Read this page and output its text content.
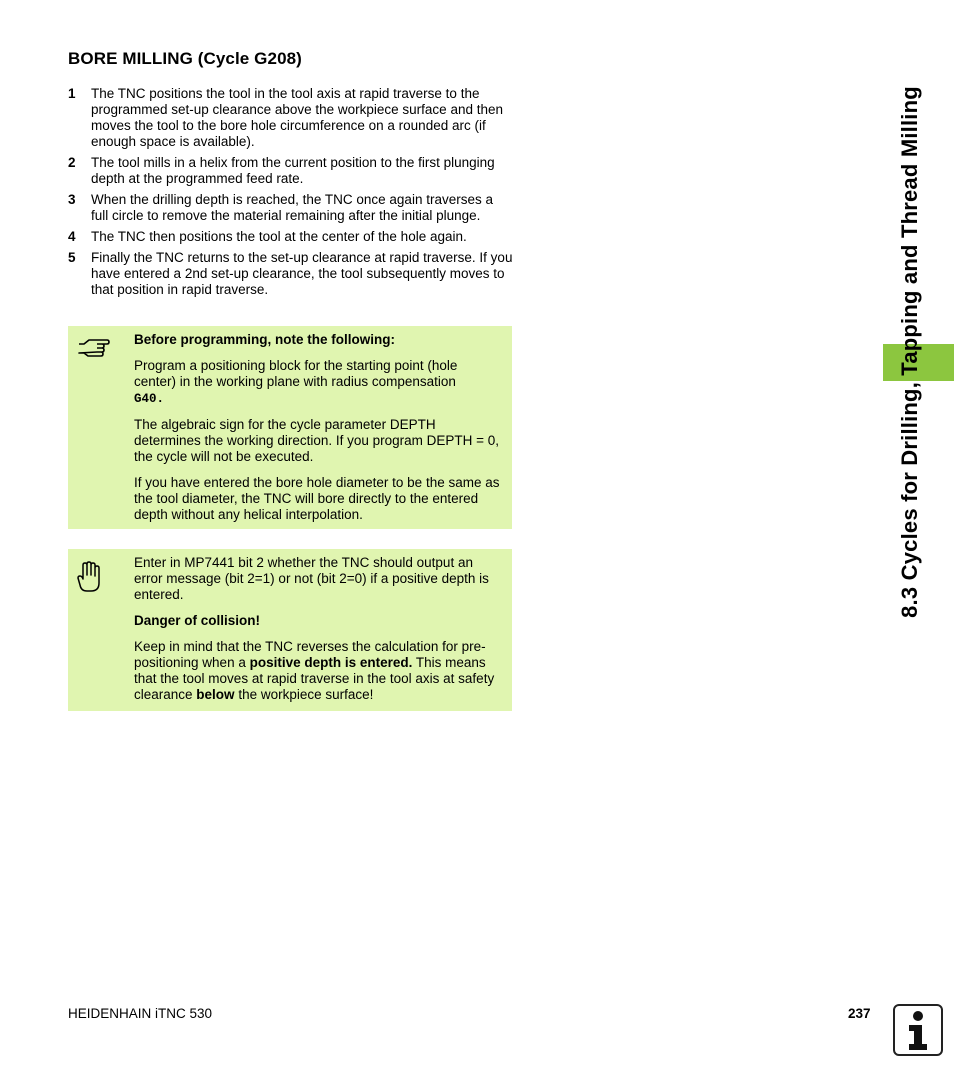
BORE MILLING (Cycle G208)
1 The TNC positions the tool in the tool axis at rapid traverse to the programmed set-up clearance above the workpiece surface and then moves the tool to the bore hole circumference on a rounded arc (if enough space is available).
2 The tool mills in a helix from the current position to the first plunging depth at the programmed feed rate.
3 When the drilling depth is reached, the TNC once again traverses a full circle to remove the material remaining after the initial plunge.
4 The TNC then positions the tool at the center of the hole again.
5 Finally the TNC returns to the set-up clearance at rapid traverse. If you have entered a 2nd set-up clearance, the tool subsequently moves to that position in rapid traverse.

Before programming, note the following:

Program a positioning block for the starting point (hole center) in the working plane with radius compensation
G40.

The algebraic sign for the cycle parameter DEPTH determines the working direction. If you program DEPTH = 0, the cycle will not be executed.

If you have entered the bore hole diameter to be the same as the tool diameter, the TNC will bore directly to the entered depth without any helical interpolation.

Enter in MP7441 bit 2 whether the TNC should output an error message (bit 2=1) or not (bit 2=0) if a positive depth is entered.

Danger of collision!

Keep in mind that the TNC reverses the calculation for pre-positioning when a positive depth is entered. This means that the tool moves at rapid traverse in the tool axis at safety clearance below the workpiece surface!

8.3 Cycles for Drilling, Tapping and Thread Milling
HEIDENHAIN iTNC 530	237
